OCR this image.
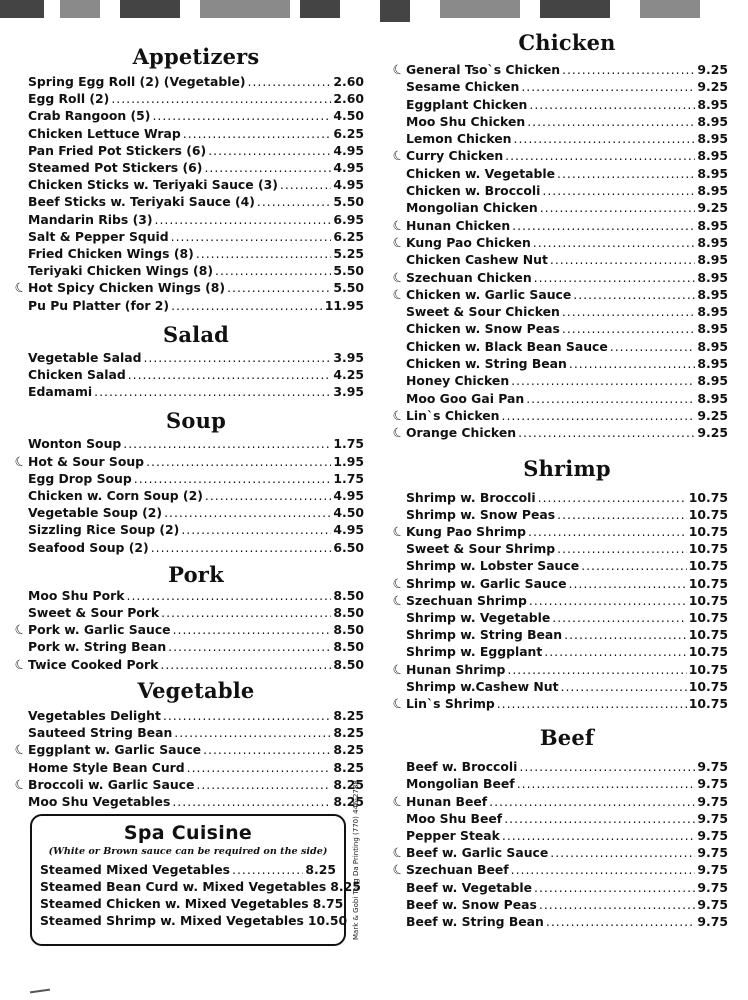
Appetizers
Spring Egg Roll (2) (Vegetable) .....	2.60
Egg Roll (2) .....	2.60
Crab Rangoon (5) .....	4.50
Chicken Lettuce Wrap .....	6.25
Pan Fried Pot Stickers (6) .....	4.95
Steamed Pot Stickers (6) .....	4.95
Chicken Sticks w. Teriyaki Sauce (3) .....	4.95
Beef Sticks w. Teriyaki Sauce (4) .....	5.50
Mandarin Ribs (3) .....	6.95
Salt & Pepper Squid .....	6.25
Fried Chicken Wings (8) .....	5.25
Teriyaki Chicken Wings (8) .....	5.50
☾ Hot Spicy Chicken Wings (8) .....	5.50
Pu Pu Platter (for 2) .....	11.95
Salad
Vegetable Salad .....	3.95
Chicken Salad .....	4.25
Edamami .....	3.95
Soup
Wonton Soup .....	1.75
☾ Hot & Sour Soup .....	1.95
Egg Drop Soup .....	1.75
Chicken w. Corn Soup (2) .....	4.95
Vegetable Soup (2) .....	4.50
Sizzling Rice Soup (2) .....	4.95
Seafood Soup (2) .....	6.50
Pork
Moo Shu Pork .....	8.50
Sweet & Sour Pork .....	8.50
☾ Pork w. Garlic Sauce .....	8.50
Pork w. String Bean .....	8.50
☾ Twice Cooked Pork .....	8.50
Vegetable
Vegetables Delight .....	8.25
Sauteed String Bean .....	8.25
☾ Eggplant w. Garlic Sauce .....	8.25
Home Style Bean Curd .....	8.25
☾ Broccoli w. Garlic Sauce .....	8.25
Moo Shu Vegetables .....	8.25
Spa Cuisine
(White or Brown sauce can be required on the side)
Steamed Mixed Vegetables .....	8.25
Steamed Bean Curd w. Mixed Vegetables 8.25
Steamed Chicken w. Mixed Vegetables 8.75
Steamed Shrimp w. Mixed Vegetables 10.50 Mark & Gobi Tong Da Printing (770) 446-2788
Chicken
☾ General Tso`s Chicken .....	9.25
Sesame Chicken .....	9.25
Eggplant Chicken .....	8.95
Moo Shu Chicken .....	8.95
Lemon Chicken .....	8.95
☾ Curry Chicken .....	8.95
Chicken w. Vegetable .....	8.95
Chicken w. Broccoli .....	8.95
Mongolian Chicken .....	9.25
☾ Hunan Chicken .....	8.95
☾ Kung Pao Chicken .....	8.95
Chicken Cashew Nut .....	8.95
☾ Szechuan Chicken .....	8.95
☾ Chicken w. Garlic Sauce .....	8.95
Sweet & Sour Chicken .....	8.95
Chicken w. Snow Peas .....	8.95
Chicken w. Black Bean Sauce .....	8.95
Chicken w. String Bean .....	8.95
Honey Chicken .....	8.95
Moo Goo Gai Pan .....	8.95
☾ Lin`s Chicken .....	9.25
☾ Orange Chicken .....	9.25
Shrimp
Shrimp w. Broccoli .....	10.75
Shrimp w. Snow Peas .....	10.75
☾ Kung Pao Shrimp .....	10.75
Sweet & Sour Shrimp .....	10.75
Shrimp w. Lobster Sauce .....	10.75
☾ Shrimp w. Garlic Sauce .....	10.75
☾ Szechuan Shrimp .....	10.75
Shrimp w. Vegetable .....	10.75
Shrimp w. String Bean .....	10.75
Shrimp w. Eggplant .....	10.75
☾ Hunan Shrimp .....	10.75
Shrimp w.Cashew Nut .....	10.75
☾ Lin`s Shrimp .....	10.75
Beef
Beef w. Broccoli .....	9.75
Mongolian Beef .....	9.75
☾ Hunan Beef .....	9.75
Moo Shu Beef .....	9.75
Pepper Steak .....	9.75
☾ Beef w. Garlic Sauce .....	9.75
☾ Szechuan Beef .....	9.75
Beef w. Vegetable .....	9.75
Beef w. Snow Peas .....	9.75
Beef w. String Bean .....	9.75
